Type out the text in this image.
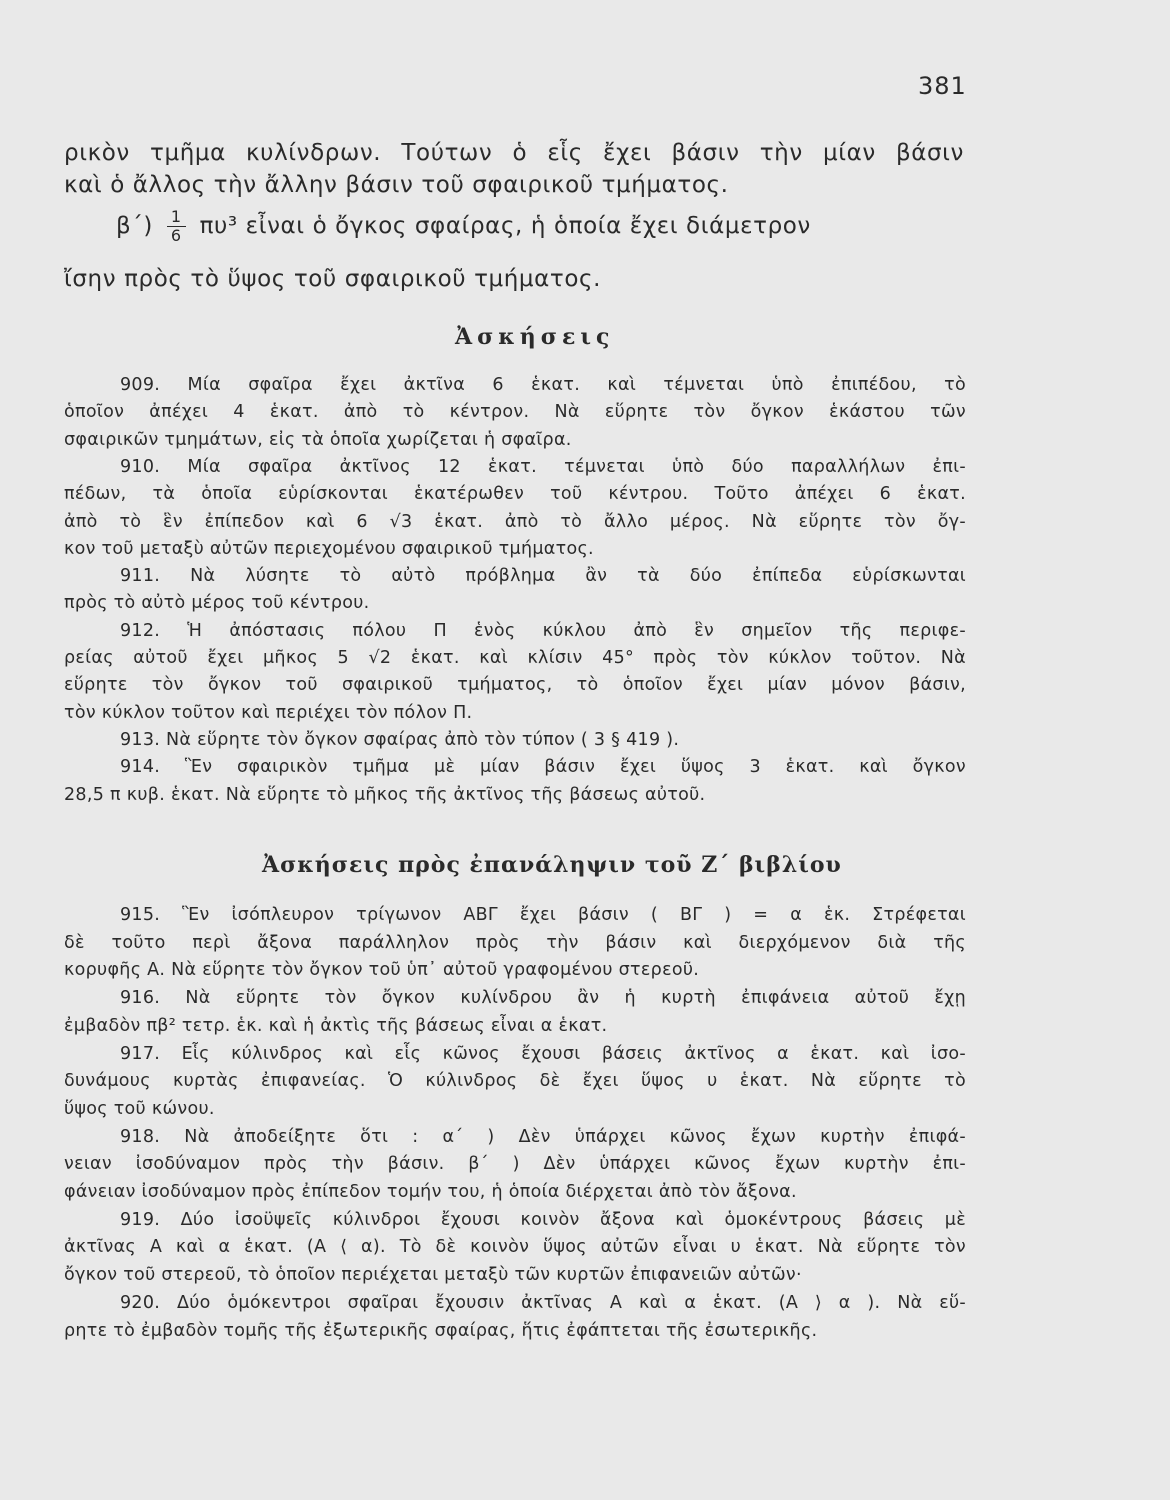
381
ρικὸν τμῆμα κυλίνδρων. Τούτων ὁ εἷς ἔχει βάσιν τὴν μίαν βάσιν
καὶ ὁ ἄλλος τὴν ἄλλην βάσιν τοῦ σφαιρικοῦ τμήματος.
$\beta΄) \frac{1}{6} \pi\upsilon^3$ εἶναι ὁ ὄγκος σφαίρας, ἡ ὁποία ἔχει διάμετρον
ἴσην πρὸς τὸ ὕψος τοῦ σφαιρικοῦ τμήματος.
Ἀσκήσεις
909. Μία σφαῖρα ἔχει ἀκτῖνα 6 ἑκατ. καὶ τέμνεται ὑπὸ ἐπιπέδου, τὸ
ὁποῖον ἀπέχει 4 ἑκατ. ἀπὸ τὸ κέντρον. Νὰ εὕρητε τὸν ὄγκον ἑκάστου τῶν
σφαιρικῶν τμημάτων, εἰς τὰ ὁποῖα χωρίζεται ἡ σφαῖρα.
910. Μία σφαῖρα ἀκτῖνος 12 ἑκατ. τέμνεται ὑπὸ δύο παραλλήλων ἐπι-
πέδων, τὰ ὁποῖα εὑρίσκονται ἑκατέρωθεν τοῦ κέντρου. Τοῦτο ἀπέχει 6 ἑκατ.
ἀπὸ τὸ ἓν ἐπίπεδον καὶ 6 √3 ἑκατ. ἀπὸ τὸ ἄλλο μέρος. Νὰ εὕρητε τὸν ὄγ-
κον τοῦ μεταξὺ αὐτῶν περιεχομένου σφαιρικοῦ τμήματος.
911. Νὰ λύσητε τὸ αὐτὸ πρόβλημα ἂν τὰ δύο ἐπίπεδα εὑρίσκωνται
πρὸς τὸ αὐτὸ μέρος τοῦ κέντρου.
912. Ἡ ἀπόστασις πόλου Π ἑνὸς κύκλου ἀπὸ ἓν σημεῖον τῆς περιφε-
ρείας αὐτοῦ ἔχει μῆκος 5 √2 ἑκατ. καὶ κλίσιν 45° πρὸς τὸν κύκλον τοῦτον. Νὰ
εὕρητε τὸν ὄγκον τοῦ σφαιρικοῦ τμήματος, τὸ ὁποῖον ἔχει μίαν μόνον βάσιν,
τὸν κύκλον τοῦτον καὶ περιέχει τὸν πόλον Π.
913. Νὰ εὕρητε τὸν ὄγκον σφαίρας ἀπὸ τὸν τύπον ( 3 § 419 ).
914. Ἓν σφαιρικὸν τμῆμα μὲ μίαν βάσιν ἔχει ὕψος 3 ἑκατ. καὶ ὄγκον
28,5 π κυβ. ἑκατ. Νὰ εὕρητε τὸ μῆκος τῆς ἀκτῖνος τῆς βάσεως αὐτοῦ.
Ἀσκήσεις πρὸς ἐπανάληψιν τοῦ Ζ΄ βιβλίου
915. Ἓν ἰσόπλευρον τρίγωνον ΑΒΓ ἔχει βάσιν ( ΒΓ ) = α ἑκ. Στρέφεται
δὲ τοῦτο περὶ ἄξονα παράλληλον πρὸς τὴν βάσιν καὶ διερχόμενον διὰ τῆς
κορυφῆς Α. Νὰ εὕρητε τὸν ὄγκον τοῦ ὑπ᾿ αὐτοῦ γραφομένου στερεοῦ.
916. Νὰ εὕρητε τὸν ὄγκον κυλίνδρου ἂν ἡ κυρτὴ ἐπιφάνεια αὐτοῦ ἔχῃ
ἐμβαδὸν πβ² τετρ. ἑκ. καὶ ἡ ἀκτὶς τῆς βάσεως εἶναι α ἑκατ.
917. Εἷς κύλινδρος καὶ εἷς κῶνος ἔχουσι βάσεις ἀκτῖνος α ἑκατ. καὶ ἰσο-
δυνάμους κυρτὰς ἐπιφανείας. Ὁ κύλινδρος δὲ ἔχει ὕψος υ ἑκατ. Νὰ εὕρητε τὸ
ὕψος τοῦ κώνου.
918. Νὰ ἀποδείξητε ὅτι : α΄ ) Δὲν ὑπάρχει κῶνος ἔχων κυρτὴν ἐπιφά-
νειαν ἰσοδύναμον πρὸς τὴν βάσιν. β΄ ) Δὲν ὑπάρχει κῶνος ἔχων κυρτὴν ἐπι-
φάνειαν ἰσοδύναμον πρὸς ἐπίπεδον τομήν του, ἡ ὁποία διέρχεται ἀπὸ τὸν ἄξονα.
919. Δύο ἰσοϋψεῖς κύλινδροι ἔχουσι κοινὸν ἄξονα καὶ ὁμοκέντρους βάσεις μὲ
ἀκτῖνας Α καὶ α ἑκατ. (Α ⟨ α). Τὸ δὲ κοινὸν ὕψος αὐτῶν εἶναι υ ἑκατ. Νὰ εὕρητε τὸν
ὄγκον τοῦ στερεοῦ, τὸ ὁποῖον περιέχεται μεταξὺ τῶν κυρτῶν ἐπιφανειῶν αὐτῶν·
920. Δύο ὁμόκεντροι σφαῖραι ἔχουσιν ἀκτῖνας Α καὶ α ἑκατ. (Α ⟩ α ). Νὰ εὕ-
ρητε τὸ ἐμβαδὸν τομῆς τῆς ἐξωτερικῆς σφαίρας, ἥτις ἐφάπτεται τῆς ἐσωτερικῆς.
